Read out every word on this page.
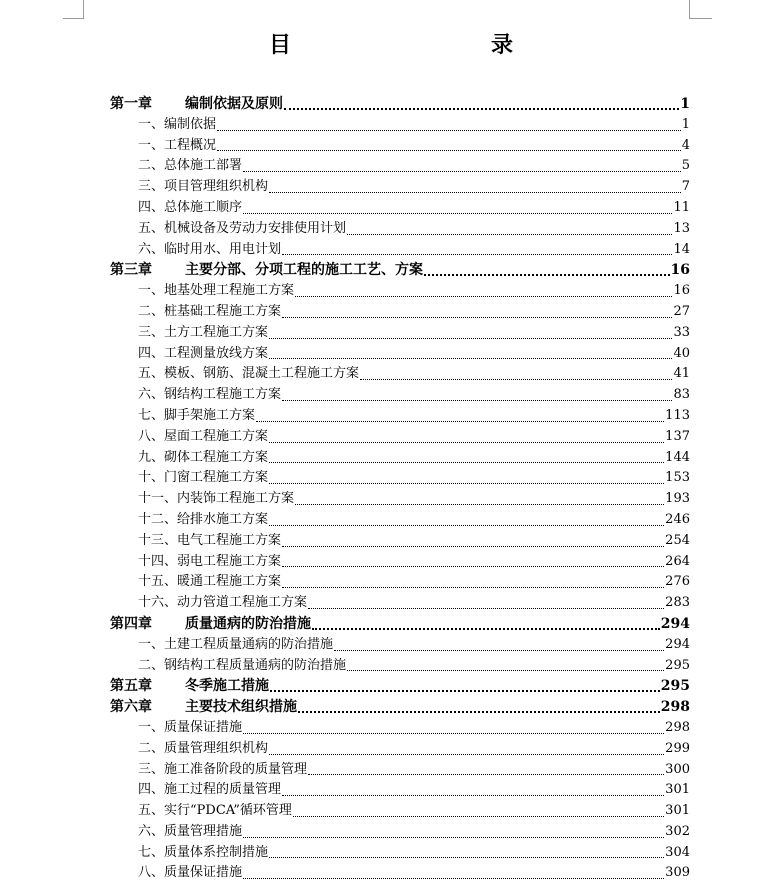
目　　录
第一章	编制依据及原则	1
一、编制依据	1
一、工程概况	4
二、总体施工部署	5
三、项目管理组织机构	7
四、总体施工顺序	11
五、机械设备及劳动力安排使用计划	13
六、临时用水、用电计划	14
第三章	主要分部、分项工程的施工工艺、方案	16
一、地基处理工程施工方案	16
二、桩基础工程施工方案	27
三、土方工程施工方案	33
四、工程测量放线方案	40
五、模板、钢筋、混凝土工程施工方案	41
六、钢结构工程施工方案	83
七、脚手架施工方案	113
八、屋面工程施工方案	137
九、砌体工程施工方案	144
十、门窗工程施工方案	153
十一、内装饰工程施工方案	193
十二、给排水施工方案	246
十三、电气工程施工方案	254
十四、弱电工程施工方案	264
十五、暖通工程施工方案	276
十六、动力管道工程施工方案	283
第四章	质量通病的防治措施	294
一、土建工程质量通病的防治措施	294
二、钢结构工程质量通病的防治措施	295
第五章	冬季施工措施	295
第六章	主要技术组织措施	298
一、质量保证措施	298
二、质量管理组织机构	299
三、施工准备阶段的质量管理	300
四、施工过程的质量管理	301
五、实行“PDCA”循环管理	301
六、质量管理措施	302
七、质量体系控制措施	304
八、质量保证措施	309
